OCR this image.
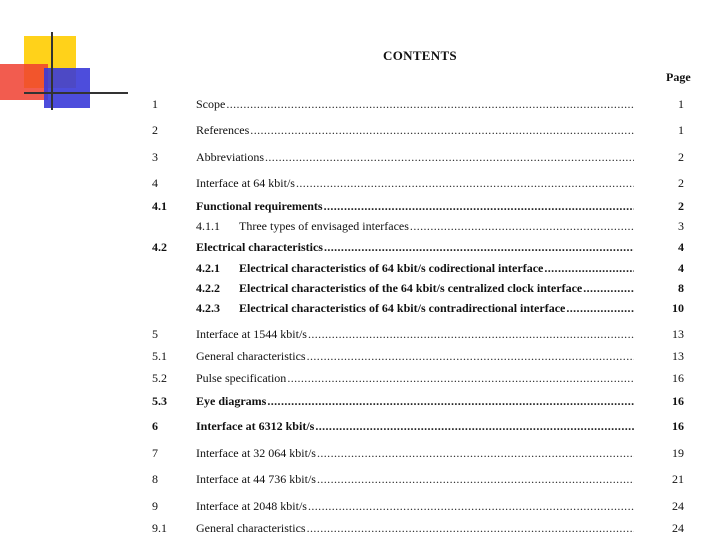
CONTENTS
Page
1	Scope .....	1
2	References .....	1
3	Abbreviations .....	2
4	Interface at 64 kbit/s .....	2
4.1 Functional requirements .....	2
4.1.1 Three types of envisaged interfaces .....	3
4.2 Electrical characteristics .....	4
4.2.1 Electrical characteristics of 64 kbit/s codirectional interface .....	4
4.2.2 Electrical characteristics of the 64 kbit/s centralized clock interface .....	8
4.2.3 Electrical characteristics of 64 kbit/s contradirectional interface .....	10
5	Interface at 1544 kbit/s .....	13
5.1 General characteristics .....	13
5.2 Pulse specification .....	16
5.3 Eye diagrams .....	16
6	Interface at 6312 kbit/s .....	16
7	Interface at 32 064 kbit/s .....	19
8	Interface at 44 736 kbit/s .....	21
9	Interface at 2048 kbit/s .....	24
9.1 General characteristics .....	24
